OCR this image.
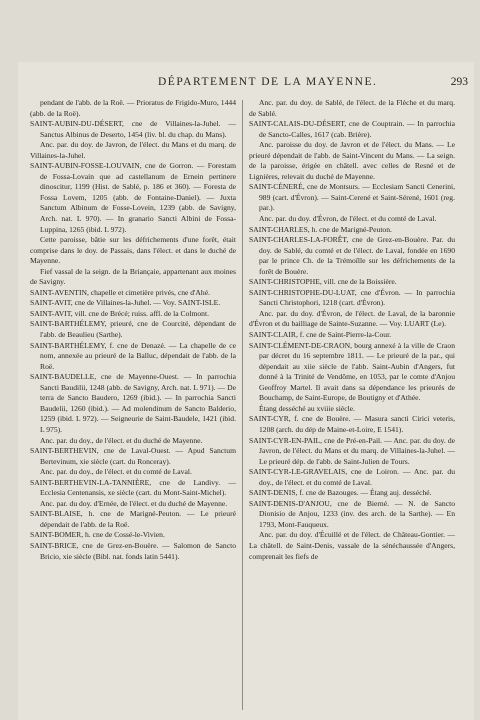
DÉPARTEMENT DE LA MAYENNE.	293

pendant de l'abb. de la Roë. — Prioratus de Frigido-Muro, 1444 (abb. de la Roë).

SAINT-AUBIN-DU-DÉSERT, cne de Villaines-la-Juhel. — Sanctus Albinus de Deserto, 1454 (liv. bl. du chap. du Mans).

Anc. par. du doy. de Javron, de l'élect. du Mans et du marq. de Villaines-la-Juhel.

SAINT-AUBIN-FOSSE-LOUVAIN, cne de Gorron. — Forestam de Fossa-Lovain que ad castellanum de Ernein pertinere dinoscitur, 1199 (Hist. de Sablé, p. 186 et 360). — Foresta de Fossa Lovem, 1205 (abb. de Fontaine-Daniel). — Juxta Sanctum Albinum de Fosse-Lovein, 1239 (abb. de Savigny, Arch. nat. L 970). — In granario Sancti Albini de Fossa-Luppina, 1265 (ibid. L 972).

Cette paroisse, bâtie sur les défrichements d'une forêt, était comprise dans le doy. de Passais, dans l'élect. et dans le duché de Mayenne.

Fief vassal de la seign. de la Briançaie, appartenant aux moines de Savigny.

SAINT-AVENTIN, chapelle et cimetière privés, cne d'Ahé.

SAINT-AVIT, cne de Villaines-la-Juhel. — Voy. SAINT-ISLE.

SAINT-AVIT, vill. cne de Brécé; ruiss. affl. de la Colmont.

SAINT-BARTHÉLEMY, prieuré, cne de Courcité, dépendant de l'abb. de Beaulieu (Sarthe).

SAINT-BARTHÉLEMY, f. cne de Denazé. — La chapelle de ce nom, annexée au prieuré de la Balluc, dépendait de l'abb. de la Roë.

SAINT-BAUDELLE, cne de Mayenne-Ouest. — In parrochia Sancti Baudilii, 1248 (abb. de Savigny, Arch. nat. L 971). — De terra de Sancto Baudero, 1269 (ibid.). — In parrochia Sancti Baudelii, 1260 (ibid.). — Ad molendinum de Sancto Balderio, 1259 (ibid. L 972). — Seigneurie de Saint-Baudele, 1421 (ibid. L 975).

Anc. par. du doy., de l'élect. et du duché de Mayenne.

SAINT-BERTHEVIN, cne de Laval-Ouest. — Apud Sanctum Bertevinum, xie siècle (cart. du Ronceray).

Anc. par. du doy., de l'élect. et du comté de Laval.

SAINT-BERTHEVIN-LA-TANNIÈRE, cne de Landivy. — Ecclesia Centenansis, xe siècle (cart. du Mont-Saint-Michel).

Anc. par. du doy. d'Ernée, de l'élect. et du duché de Mayenne.

SAINT-BLAISE, h. cne de Marigné-Peuton. — Le prieuré dépendait de l'abb. de la Roë.

SAINT-BOMER, h. cne de Cossé-le-Vivien.

SAINT-BRICE, cne de Grez-en-Bouère. — Salomon de Sancto Bricio, xie siècle (Bibl. nat. fonds latin 5441).

Anc. par. du doy. de Sablé, de l'élect. de la Flèche et du marq. de Sablé.

SAINT-CALAIS-DU-DÉSERT, cne de Couptrain. — In parrochia de Sancto-Calles, 1617 (cab. Brière).

Anc. paroisse du doy. de Javron et de l'élect. du Mans. — Le prieuré dépendait de l'abb. de Saint-Vincent du Mans. — La seign. de la paroisse, érigée en châtell. avec celles de Resné et de Lignières, relevait du duché de Mayenne.

SAINT-CÉNERÉ, cne de Montsurs. — Ecclesiam Sancti Cenerini, 989 (cart. d'Évron). — Saint-Cerené et Saint-Sérené, 1601 (reg. par.).

Anc. par. du doy. d'Évron, de l'élect. et du comté de Laval.

SAINT-CHARLES, h. cne de Marigné-Peuton.

SAINT-CHARLES-LA-FORÊT, cne de Grez-en-Bouère. Par. du doy. de Sablé, du comté et de l'élect. de Laval, fondée en 1690 par le prince Ch. de la Trémoïlle sur les défrichements de la forêt de Bouère.

SAINT-CHRISTOPHE, vill. cne de la Boissière.

SAINT-CHRISTOPHE-DU-LUAT, cne d'Évron. — In parrochia Sancti Christophori, 1218 (cart. d'Évron).

Anc. par. du doy. d'Évron, de l'élect. de Laval, de la baronnie d'Évron et du bailliage de Sainte-Suzanne. — Voy. LUART (Le).

SAINT-CLAIR, f. cne de Saint-Pierre-la-Cour.

SAINT-CLÉMENT-DE-CRAON, bourg annexé à la ville de Craon par décret du 16 septembre 1811. — Le prieuré de la par., qui dépendait au xiie siècle de l'abb. Saint-Aubin d'Angers, fut donné à la Trinité de Vendôme, en 1053, par le comte d'Anjou Geoffroy Martel. Il avait dans sa dépendance les prieurés de Bouchamp, de Saint-Europe, de Boutigny et d'Athée.

Étang desséché au xviiie siècle.

SAINT-CYR, f. cne de Bouère. — Masura sancti Cirici veteris, 1208 (arch. du dép de Maine-et-Loire, E 1541).

SAINT-CYR-EN-PAIL, cne de Pré-en-Pail. — Anc. par. du doy. de Javron, de l'élect. du Mans et du marq. de Villaines-la-Juhel. — Le prieuré dép. de l'abb. de Saint-Julien de Tours.

SAINT-CYR-LE-GRAVELAIS, cne de Loiron. — Anc. par. du doy., de l'élect. et du comté de Laval.

SAINT-DENIS, f. cne de Bazouges. — Étang auj. desséché.

SAINT-DENIS-D'ANJOU, cne de Bierné. — N. de Sancto Dionisio de Anjou, 1233 (inv. des arch. de la Sarthe). — En 1793, Mont-Fauqueux.

Anc. par. du doy. d'Écuillé et de l'élect. de Château-Gontier. — La châtell. de Saint-Denis, vassale de la sénéchaussée d'Angers, comprenait les fiefs de
